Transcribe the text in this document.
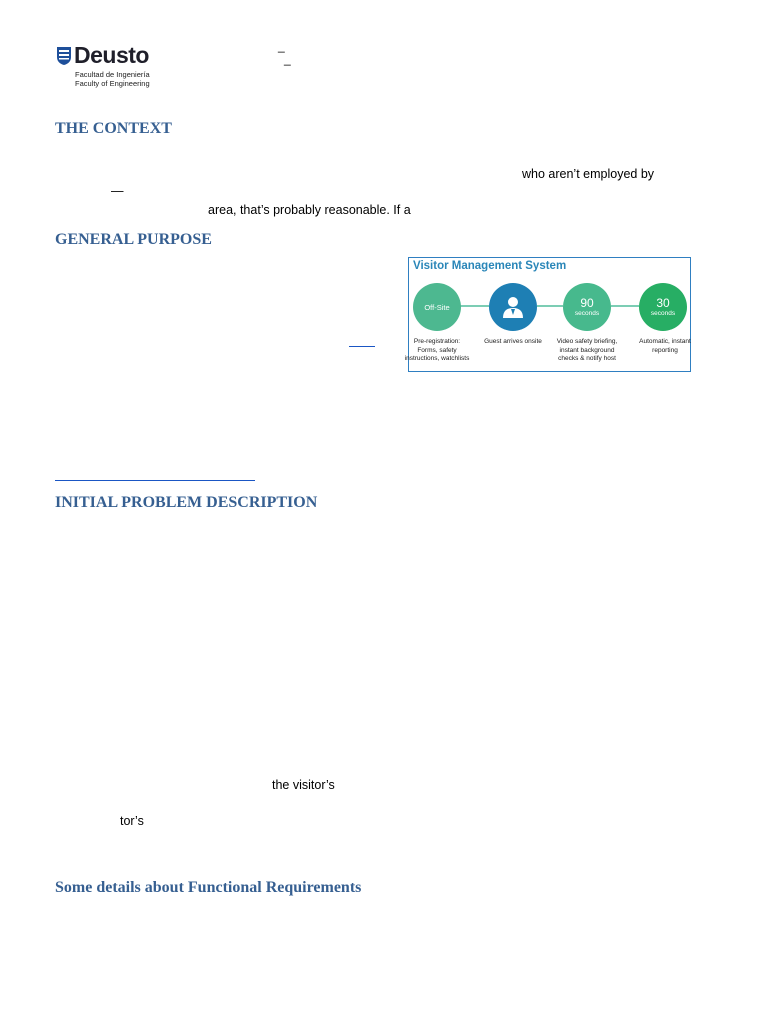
Deusto
Facultad de Ingeniería
Faculty of Engineering
_
_
THE CONTEXT
who aren’t employed by
—
area, that’s probably reasonable. If a
GENERAL PURPOSE
Visitor Management System
Off-Site	90
seconds
30
seconds
Pre-registration: Forms, safety instructions, watchlists
Guest arrives onsite	Video safety briefing, instant background checks & notify host
Automatic, instant reporting
INITIAL PROBLEM DESCRIPTION
the visitor’s
tor’s
Some details about Functional Requirements
